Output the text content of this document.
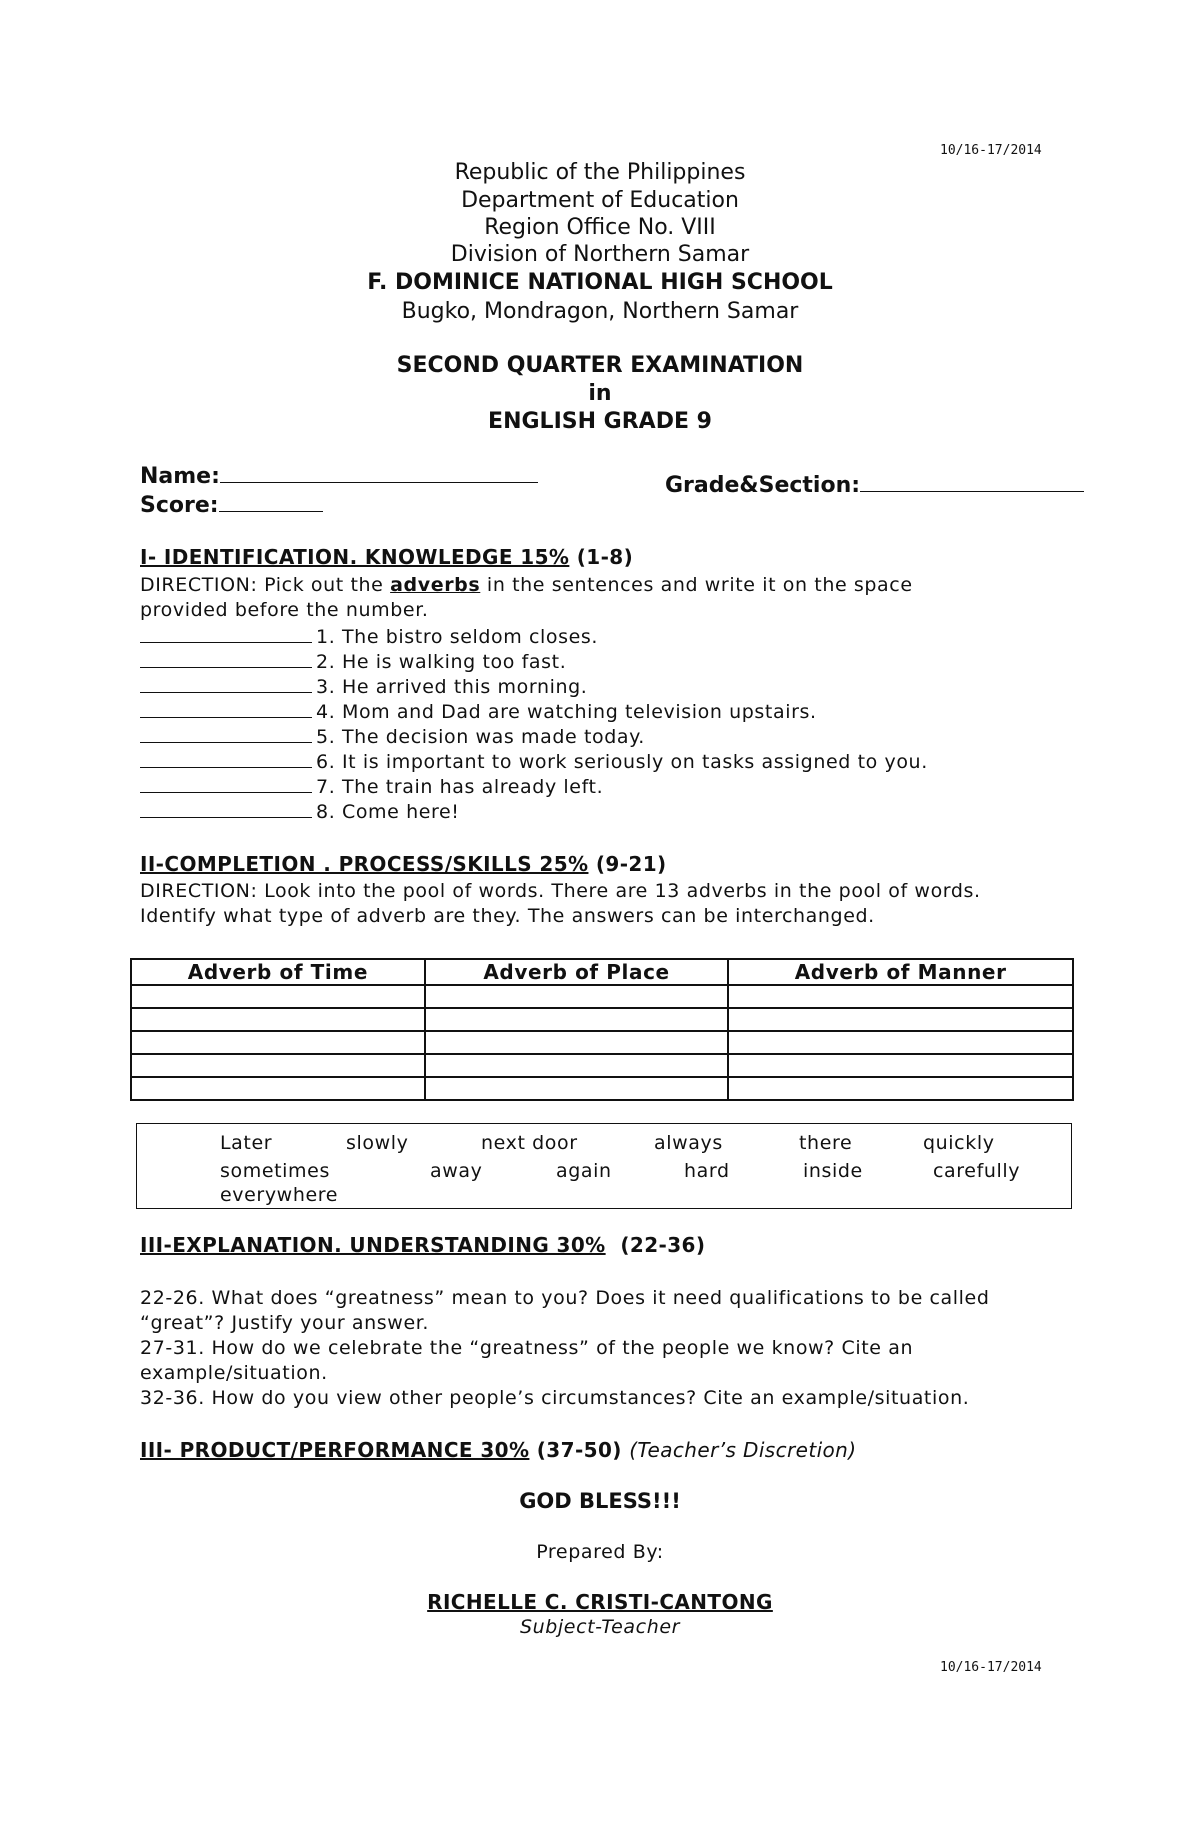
10/16-17/2014
Republic of the Philippines
Department of Education
Region Office No. VIII
Division of Northern Samar
F. DOMINICE NATIONAL HIGH SCHOOL
Bugko, Mondragon, Northern Samar
SECOND QUARTER EXAMINATION
in
ENGLISH GRADE 9
Name:
Score:
Grade&Section:
I- IDENTIFICATION. KNOWLEDGE 15% (1-8)
DIRECTION: Pick out the adverbs in the sentences and write it on the space
provided before the number.
1. The bistro seldom closes.
2. He is walking too fast.
3. He arrived this morning.
4. Mom and Dad are watching television upstairs.
5. The decision was made today.
6. It is important to work seriously on tasks assigned to you.
7. The train has already left.
8. Come here!
II-COMPLETION . PROCESS/SKILLS 25% (9-21)
DIRECTION: Look into the pool of words. There are 13 adverbs in the pool of words.
Identify what type of adverb are they. The answers can be interchanged.
Adverb of Time	Adverb of Place	Adverb of Manner

Later	slowly	next door	always	there	quickly
sometimes	away	again	hard	inside	carefully
everywhere
III-EXPLANATION. UNDERSTANDING 30%  (22-36)
22-26. What does “greatness” mean to you? Does it need qualifications to be called
“great”? Justify your answer.
27-31. How do we celebrate the “greatness” of the people we know? Cite an
example/situation.
32-36. How do you view other people’s circumstances? Cite an example/situation.
III- PRODUCT/PERFORMANCE 30% (37-50) (Teacher’s Discretion)
GOD BLESS!!!
Prepared By:
RICHELLE C. CRISTI-CANTONG
Subject-Teacher
10/16-17/2014
